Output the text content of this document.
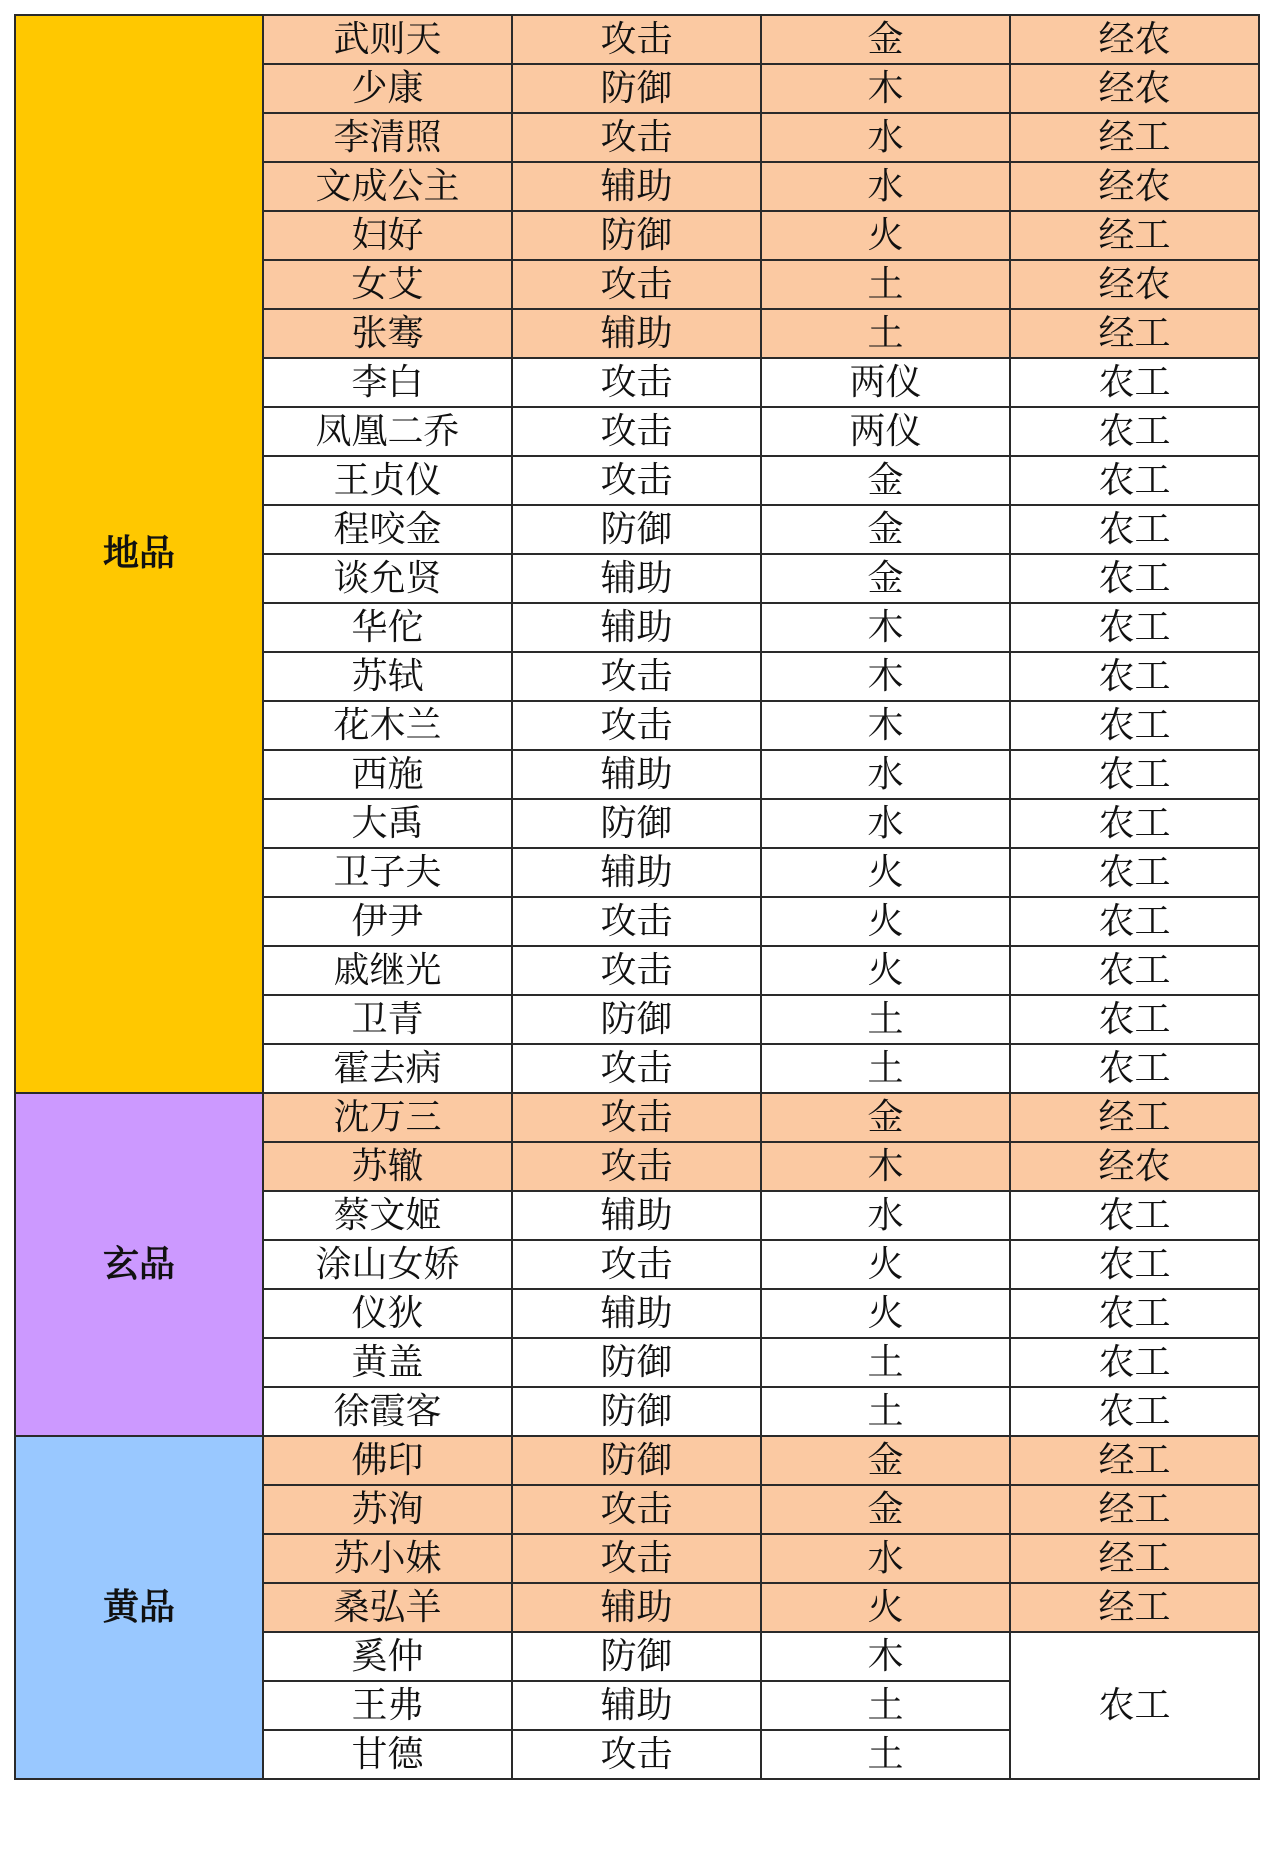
地品	武则天	攻击	金	经农
	少康	防御	木	经农
	李清照	攻击	水	经工
	文成公主	辅助	水	经农
	妇好	防御	火	经工
	女艾	攻击	土	经农
	张骞	辅助	土	经工
	李白	攻击	两仪	农工
	凤凰二乔	攻击	两仪	农工
	王贞仪	攻击	金	农工
	程咬金	防御	金	农工
	谈允贤	辅助	金	农工
	华佗	辅助	木	农工
	苏轼	攻击	木	农工
	花木兰	攻击	木	农工
	西施	辅助	水	农工
	大禹	防御	水	农工
	卫子夫	辅助	火	农工
	伊尹	攻击	火	农工
	戚继光	攻击	火	农工
	卫青	防御	土	农工
	霍去病	攻击	土	农工
玄品	沈万三	攻击	金	经工
	苏辙	攻击	木	经农
	蔡文姬	辅助	水	农工
	涂山女娇	攻击	火	农工
	仪狄	辅助	火	农工
	黄盖	防御	土	农工
	徐霞客	防御	土	农工
黄品	佛印	防御	金	经工
	苏洵	攻击	金	经工
	苏小妹	攻击	水	经工
	桑弘羊	辅助	火	经工
	奚仲	防御	木	农工
	王弗	辅助	土	
	甘德	攻击	土	
